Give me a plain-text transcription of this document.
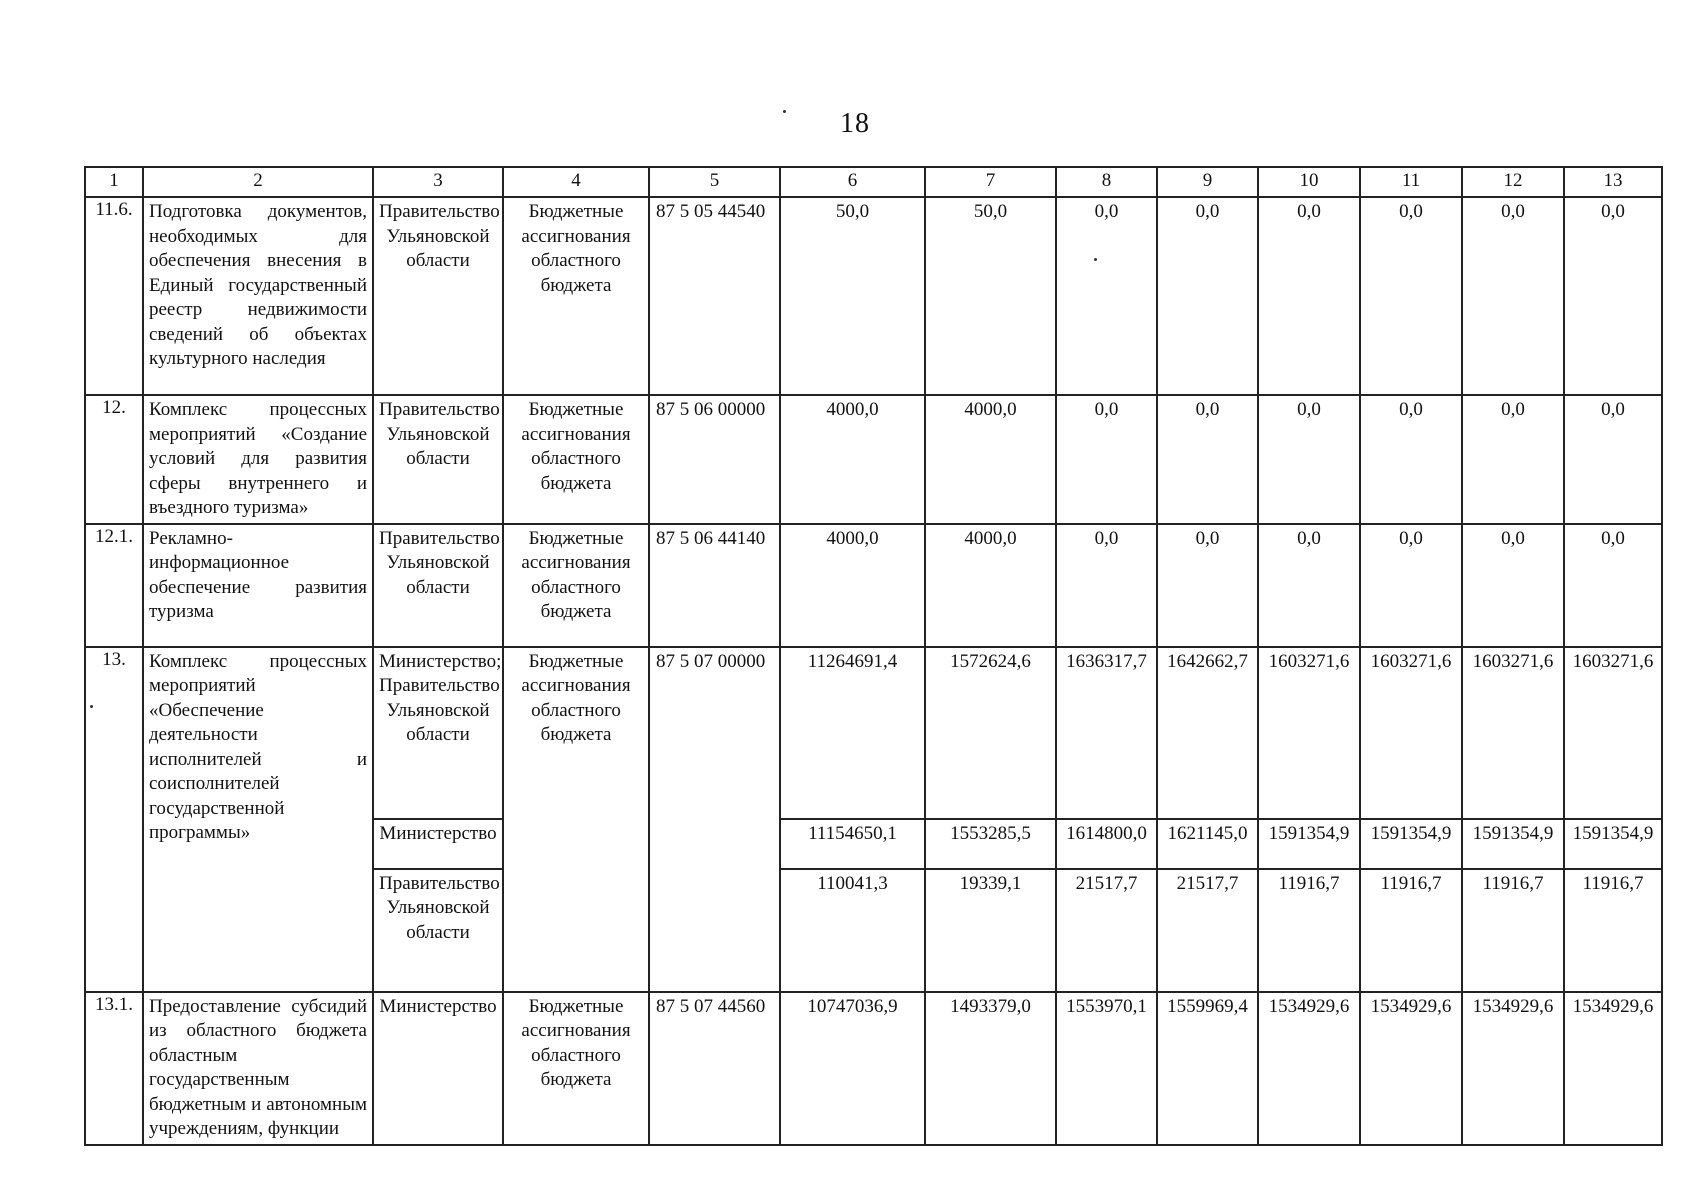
18
1	2	3	4	5	6	7	8	9	10	11	12	13
11.6.	Подготовка документов, необходимых для обеспечения внесения в Единый государственный реестр недвижимости сведений об объектах культурного наследия	Правительство Ульяновской области	Бюджетные ассигнования областного бюджета	87 5 05 44540	50,0	50,0	0,0	0,0	0,0	0,0	0,0	0,0
12.	Комплекс процессных мероприятий «Создание условий для развития сферы внутреннего и въездного туризма»	Правительство Ульяновской области	Бюджетные ассигнования областного бюджета	87 5 06 00000	4000,0	4000,0	0,0	0,0	0,0	0,0	0,0	0,0
12.1.	Рекламно-информационное обеспечение развития туризма	Правительство Ульяновской области	Бюджетные ассигнования областного бюджета	87 5 06 44140	4000,0	4000,0	0,0	0,0	0,0	0,0	0,0	0,0
13.	Комплекс процессных мероприятий «Обеспечение деятельности исполнителей и соисполнителей государственной программы»	Министерство; Правительство Ульяновской области	Бюджетные ассигнования областного бюджета	87 5 07 00000	11264691,4	1572624,6	1636317,7	1642662,7	1603271,6	1603271,6	1603271,6	1603271,6
		Министерство			11154650,1	1553285,5	1614800,0	1621145,0	1591354,9	1591354,9	1591354,9	1591354,9
		Правительство Ульяновской области			110041,3	19339,1	21517,7	21517,7	11916,7	11916,7	11916,7	11916,7
13.1.	Предоставление субсидий из областного бюджета областным государственным бюджетным и автономным учреждениям, функции	Министерство	Бюджетные ассигнования областного бюджета	87 5 07 44560	10747036,9	1493379,0	1553970,1	1559969,4	1534929,6	1534929,6	1534929,6	1534929,6
